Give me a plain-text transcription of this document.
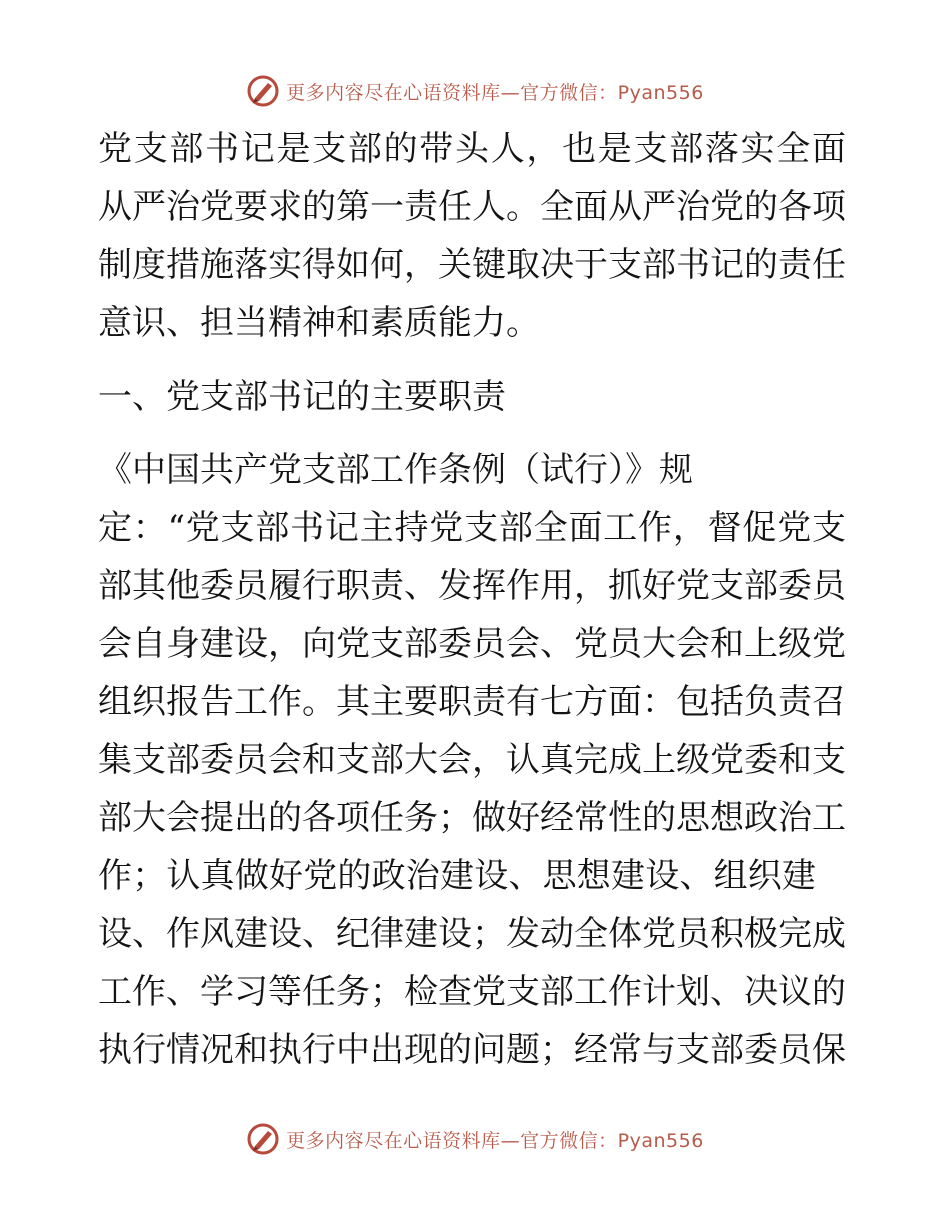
更多内容尽在心语资料库—官方微信：Pyan556
党支部书记是支部的带头人，也是支部落实全面
从严治党要求的第一责任人。全面从严治党的各项
制度措施落实得如何，关键取决于支部书记的责任
意识、担当精神和素质能力。
一、党支部书记的主要职责
《中国共产党支部工作条例（试行）》规
定：“党支部书记主持党支部全面工作，督促党支
部其他委员履行职责、发挥作用，抓好党支部委员
会自身建设，向党支部委员会、党员大会和上级党
组织报告工作。其主要职责有七方面：包括负责召
集支部委员会和支部大会，认真完成上级党委和支
部大会提出的各项任务；做好经常性的思想政治工
作；认真做好党的政治建设、思想建设、组织建
设、作风建设、纪律建设；发动全体党员积极完成
工作、学习等任务；检查党支部工作计划、决议的
执行情况和执行中出现的问题；经常与支部委员保
更多内容尽在心语资料库—官方微信：Pyan556
